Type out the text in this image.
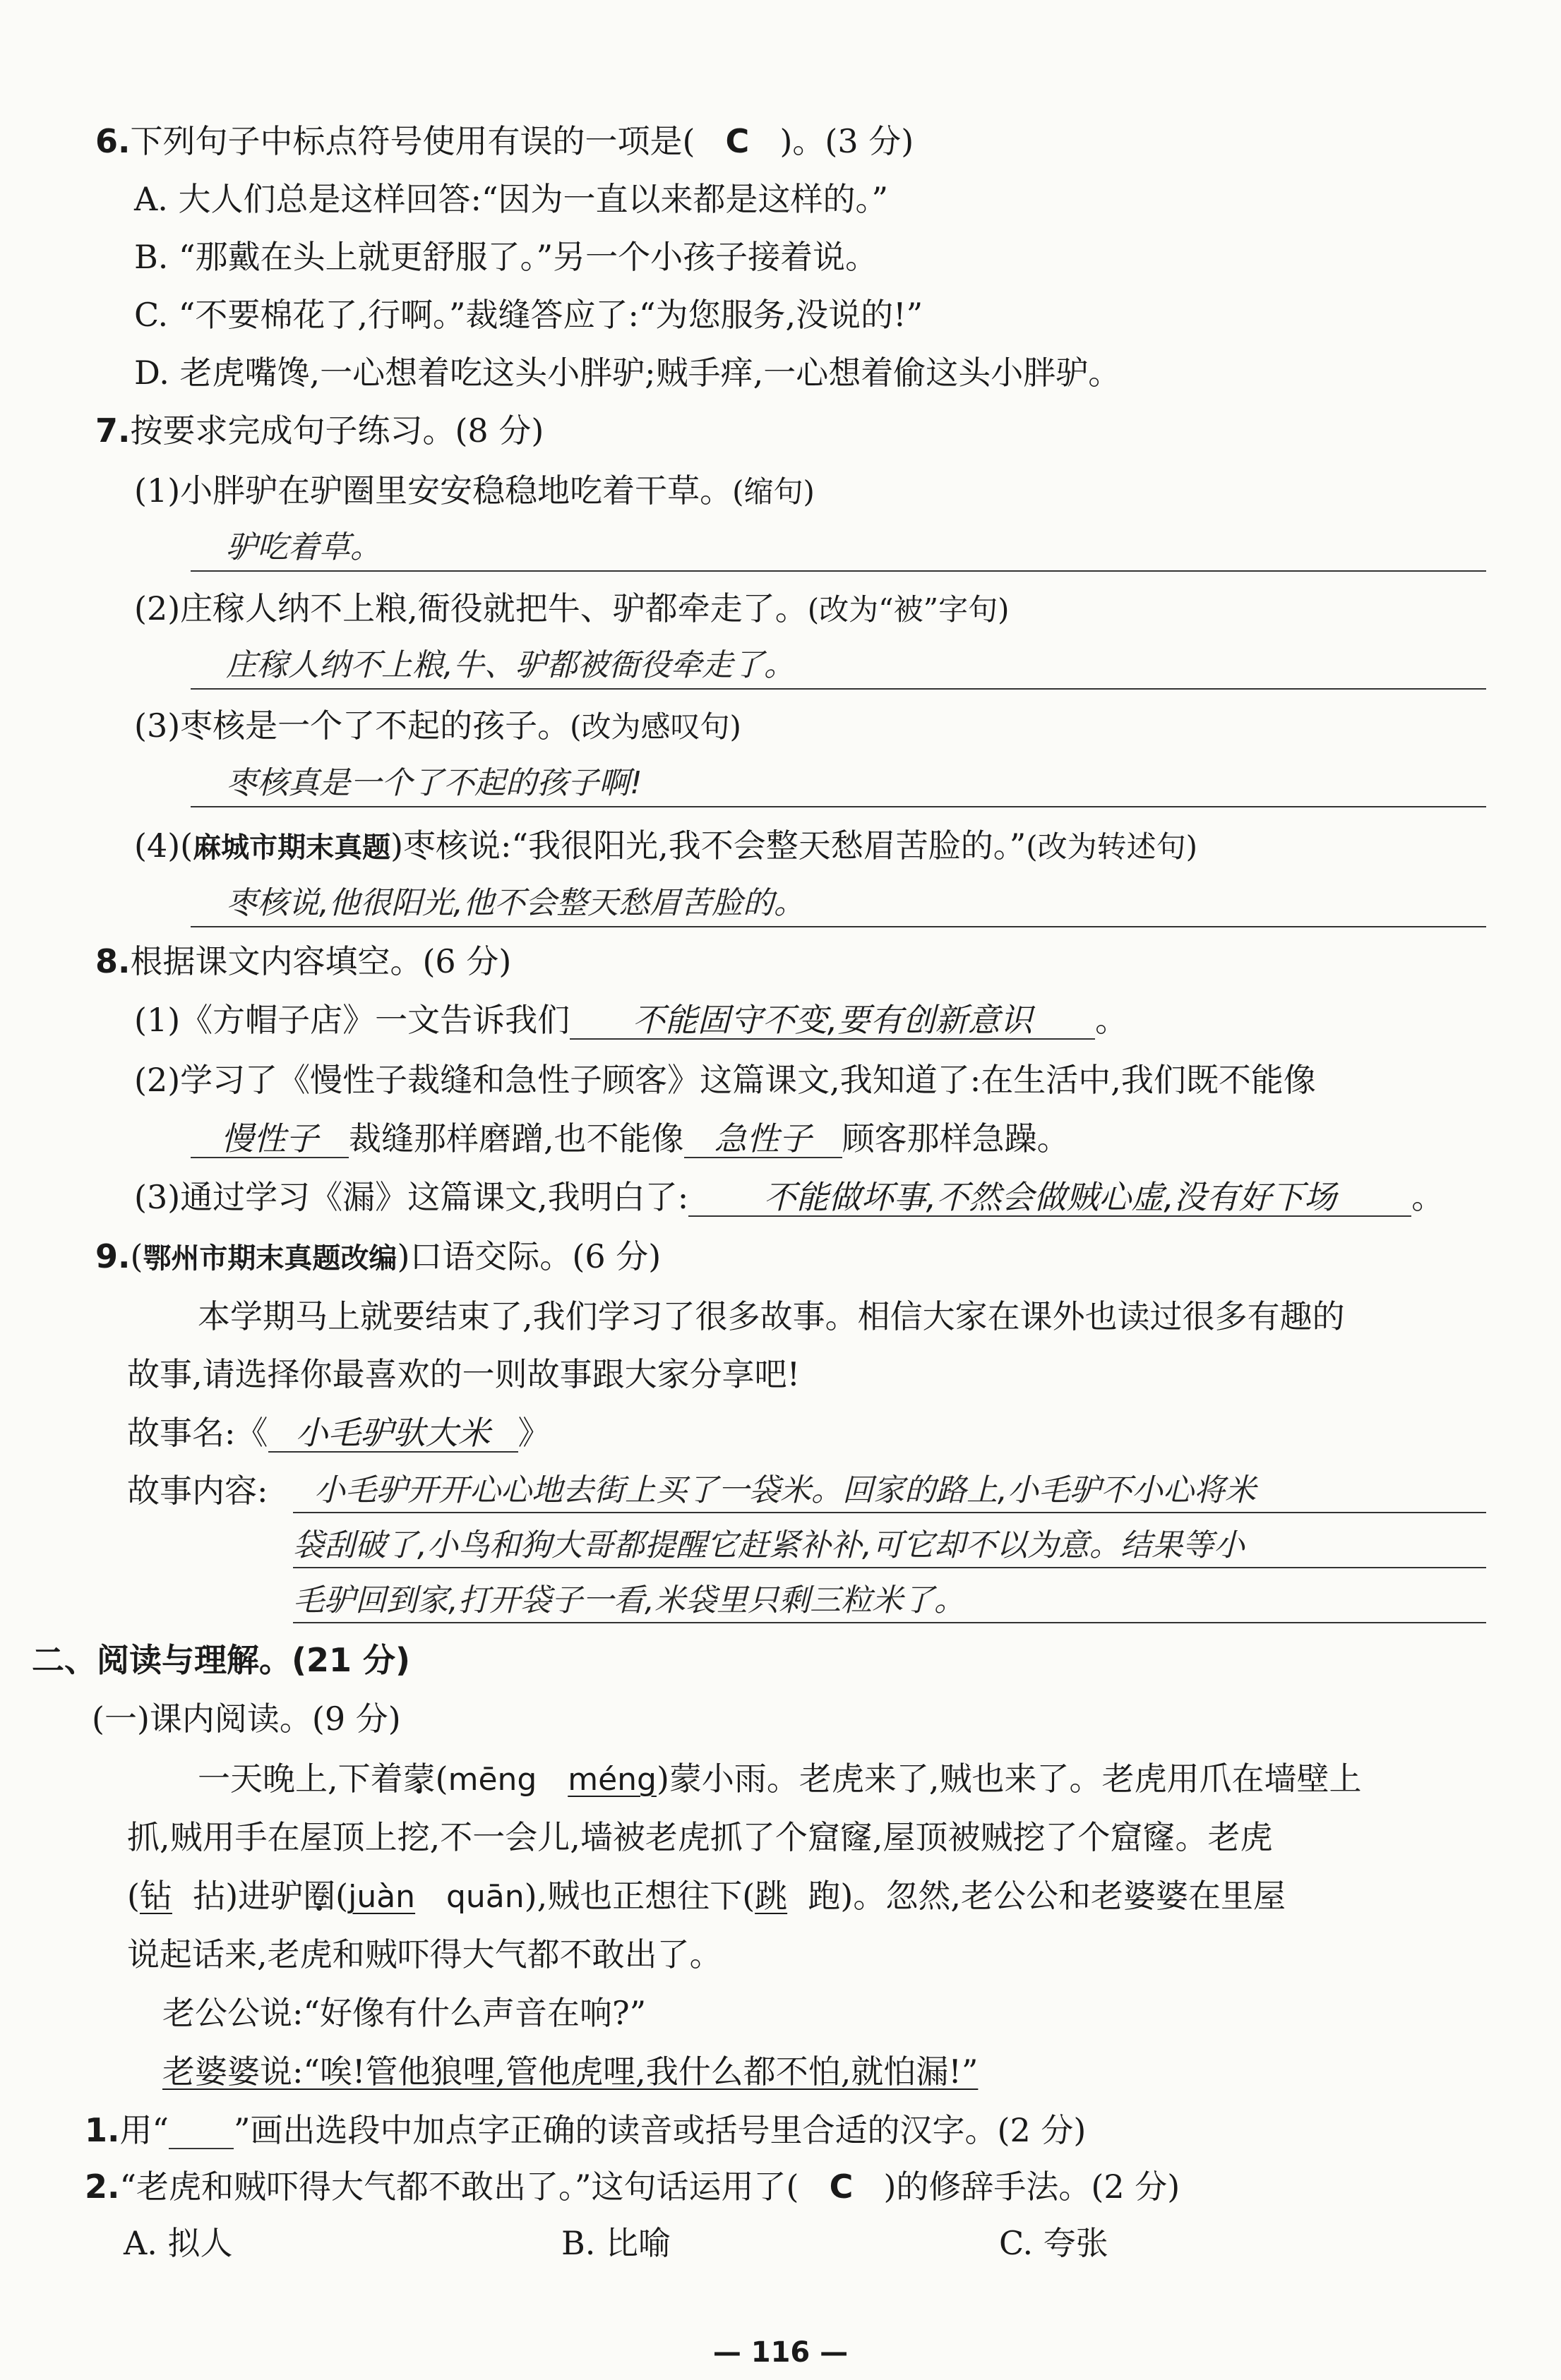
6.下列句子中标点符号使用有误的一项是( C )。(3 分)
A. 大人们总是这样回答:“因为一直以来都是这样的。”
B. “那戴在头上就更舒服了。”另一个小孩子接着说。
C. “不要棉花了,行啊。”裁缝答应了:“为您服务,没说的!”
D. 老虎嘴馋,一心想着吃这头小胖驴;贼手痒,一心想着偷这头小胖驴。
7.按要求完成句子练习。(8 分)
(1)小胖驴在驴圈里安安稳稳地吃着干草。(缩句)
驴吃着草。
(2)庄稼人纳不上粮,衙役就把牛、驴都牵走了。(改为“被”字句)
庄稼人纳不上粮,牛、驴都被衙役牵走了。
(3)枣核是一个了不起的孩子。(改为感叹句)
枣核真是一个了不起的孩子啊!
(4)(麻城市期末真题)枣核说:“我很阳光,我不会整天愁眉苦脸的。”(改为转述句)
枣核说,他很阳光,他不会整天愁眉苦脸的。
8.根据课文内容填空。(6 分)
(1)《方帽子店》一文告诉我们 不能固守不变,要有创新意识 。
(2)学习了《慢性子裁缝和急性子顾客》这篇课文,我知道了:在生活中,我们既不能像
慢性子 裁缝那样磨蹭,也不能像 急性子 顾客那样急躁。
(3)通过学习《漏》这篇课文,我明白了: 不能做坏事,不然会做贼心虚,没有好下场 。
9.(鄂州市期末真题改编)口语交际。(6 分)
本学期马上就要结束了,我们学习了很多故事。相信大家在课外也读过很多有趣的
故事,请选择你最喜欢的一则故事跟大家分享吧!
故事名:《 小毛驴驮大米 》
故事内容: 小毛驴开开心心地去街上买了一袋米。回家的路上,小毛驴不小心将米
袋刮破了,小鸟和狗大哥都提醒它赶紧补补,可它却不以为意。结果等小
毛驴回到家,打开袋子一看,米袋里只剩三粒米了。
二、阅读与理解。(21 分)
(一)课内阅读。(9 分)
一天晚上,下着蒙(mēng méng)蒙小雨。老虎来了,贼也来了。老虎用爪在墙壁上
抓,贼用手在屋顶上挖,不一会儿,墙被老虎抓了个窟窿,屋顶被贼挖了个窟窿。老虎
(钻 拈)进驴圈(juàn quān),贼也正想往下(跳 跑)。忽然,老公公和老婆婆在里屋
说起话来,老虎和贼吓得大气都不敢出了。
老公公说:“好像有什么声音在响?”
老婆婆说:“唉!管他狼哩,管他虎哩,我什么都不怕,就怕漏!”
1.用“____”画出选段中加点字正确的读音或括号里合适的汉字。(2 分)
2.“老虎和贼吓得大气都不敢出了。”这句话运用了( C )的修辞手法。(2 分)
A. 拟人	B. 比喻	C. 夸张
— 116 —
